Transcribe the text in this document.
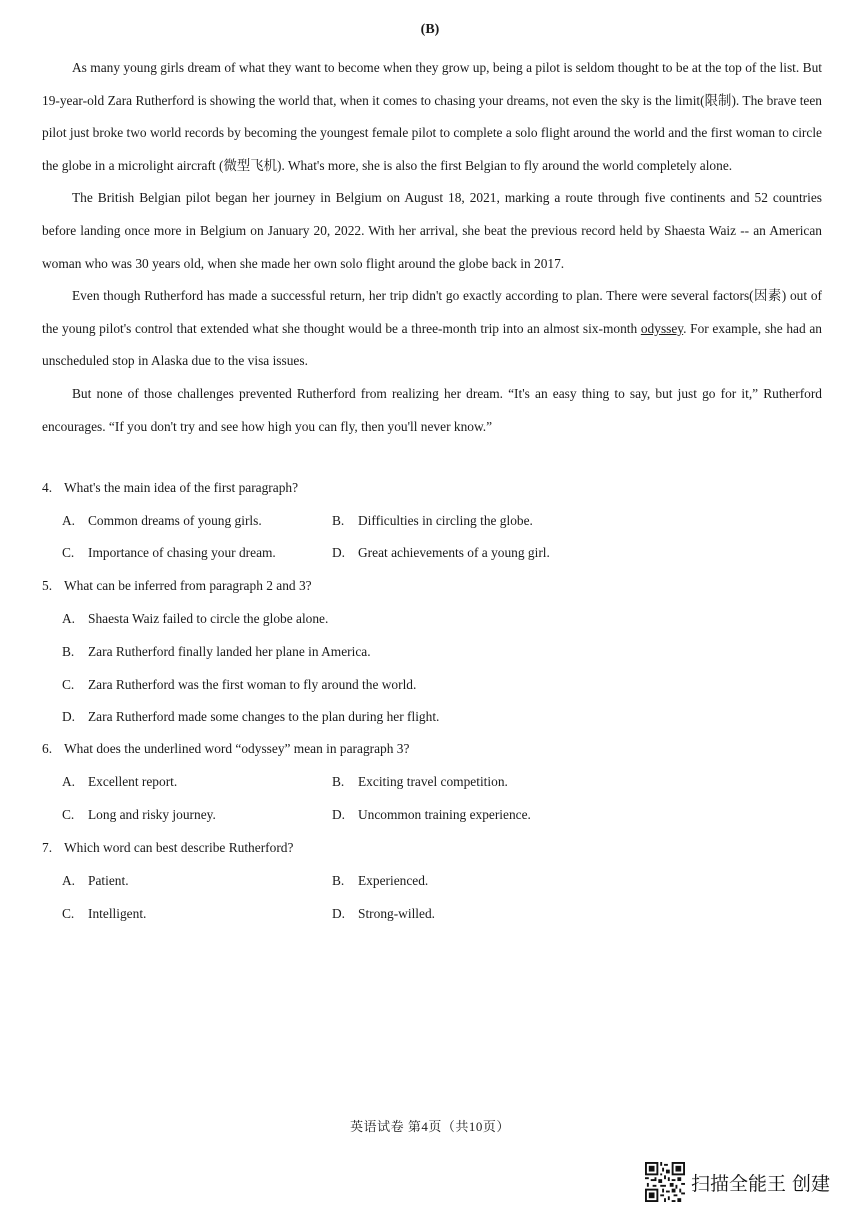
(B)

As many young girls dream of what they want to become when they grow up, being a pilot is seldom thought to be at the top of the list. But 19-year-old Zara Rutherford is showing the world that, when it comes to chasing your dreams, not even the sky is the limit(限制). The brave teen pilot just broke two world records by becoming the youngest female pilot to complete a solo flight around the world and the first woman to circle the globe in a microlight aircraft (微型飞机). What's more, she is also the first Belgian to fly around the world completely alone.

The British Belgian pilot began her journey in Belgium on August 18, 2021, marking a route through five continents and 52 countries before landing once more in Belgium on January 20, 2022. With her arrival, she beat the previous record held by Shaesta Waiz -- an American woman who was 30 years old, when she made her own solo flight around the globe back in 2017.

Even though Rutherford has made a successful return, her trip didn't go exactly according to plan. There were several factors(因素) out of the young pilot's control that extended what she thought would be a three-month trip into an almost six-month odyssey. For example, she had an unscheduled stop in Alaska due to the visa issues.

But none of those challenges prevented Rutherford from realizing her dream. “It's an easy thing to say, but just go for it,” Rutherford encourages. “If you don't try and see how high you can fly, then you'll never know.”

4. What's the main idea of the first paragraph?
A. Common dreams of young girls.	B. Difficulties in circling the globe.
C. Importance of chasing your dream.	D. Great achievements of a young girl.
5. What can be inferred from paragraph 2 and 3?
A. Shaesta Waiz failed to circle the globe alone.
B. Zara Rutherford finally landed her plane in America.
C. Zara Rutherford was the first woman to fly around the world.
D. Zara Rutherford made some changes to the plan during her flight.
6. What does the underlined word “odyssey” mean in paragraph 3?
A. Excellent report.	B. Exciting travel competition.
C. Long and risky journey.	D. Uncommon training experience.
7. Which word can best describe Rutherford?
A. Patient.	B. Experienced.
C. Intelligent.	D. Strong-willed.
英语试卷 第4页（共10页）
扫描全能王 创建
